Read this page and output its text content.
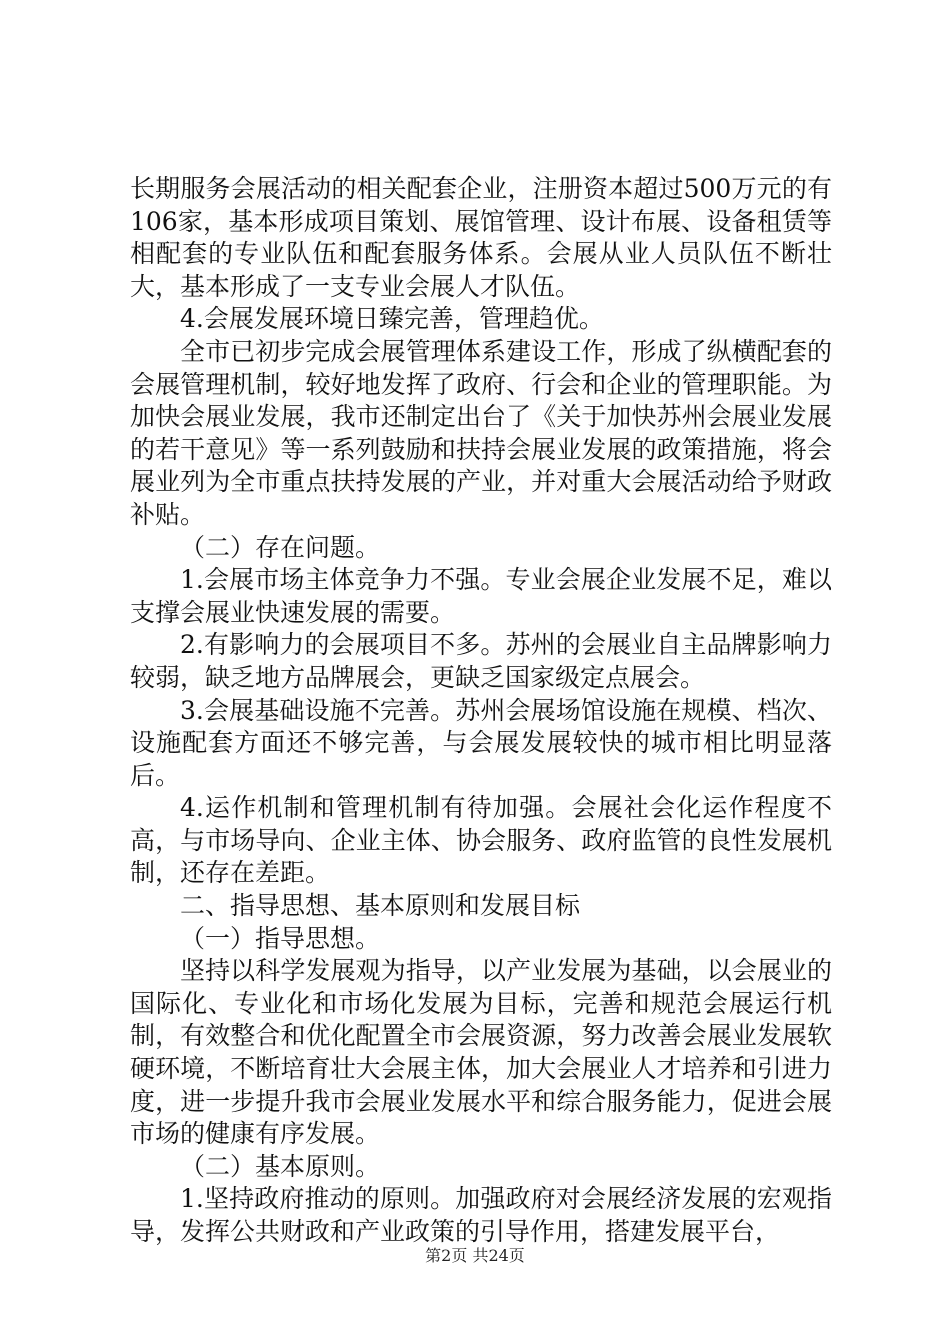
长期服务会展活动的相关配套企业，注册资本超过500万元的有106家，基本形成项目策划、展馆管理、设计布展、设备租赁等相配套的专业队伍和配套服务体系。会展从业人员队伍不断壮大，基本形成了一支专业会展人才队伍。

4.会展发展环境日臻完善，管理趋优。

全市已初步完成会展管理体系建设工作，形成了纵横配套的会展管理机制，较好地发挥了政府、行会和企业的管理职能。为加快会展业发展，我市还制定出台了《关于加快苏州会展业发展的若干意见》等一系列鼓励和扶持会展业发展的政策措施，将会展业列为全市重点扶持发展的产业，并对重大会展活动给予财政补贴。

（二）存在问题。

1.会展市场主体竞争力不强。专业会展企业发展不足，难以支撑会展业快速发展的需要。

2.有影响力的会展项目不多。苏州的会展业自主品牌影响力较弱，缺乏地方品牌展会，更缺乏国家级定点展会。

3.会展基础设施不完善。苏州会展场馆设施在规模、档次、设施配套方面还不够完善，与会展发展较快的城市相比明显落后。

4.运作机制和管理机制有待加强。会展社会化运作程度不高，与市场导向、企业主体、协会服务、政府监管的良性发展机制，还存在差距。

二、指导思想、基本原则和发展目标

（一）指导思想。

坚持以科学发展观为指导，以产业发展为基础，以会展业的国际化、专业化和市场化发展为目标，完善和规范会展运行机制，有效整合和优化配置全市会展资源，努力改善会展业发展软硬环境，不断培育壮大会展主体，加大会展业人才培养和引进力度，进一步提升我市会展业发展水平和综合服务能力，促进会展市场的健康有序发展。

（二）基本原则。

1.坚持政府推动的原则。加强政府对会展经济发展的宏观指导，发挥公共财政和产业政策的引导作用，搭建发展平台，

第2页 共24页
